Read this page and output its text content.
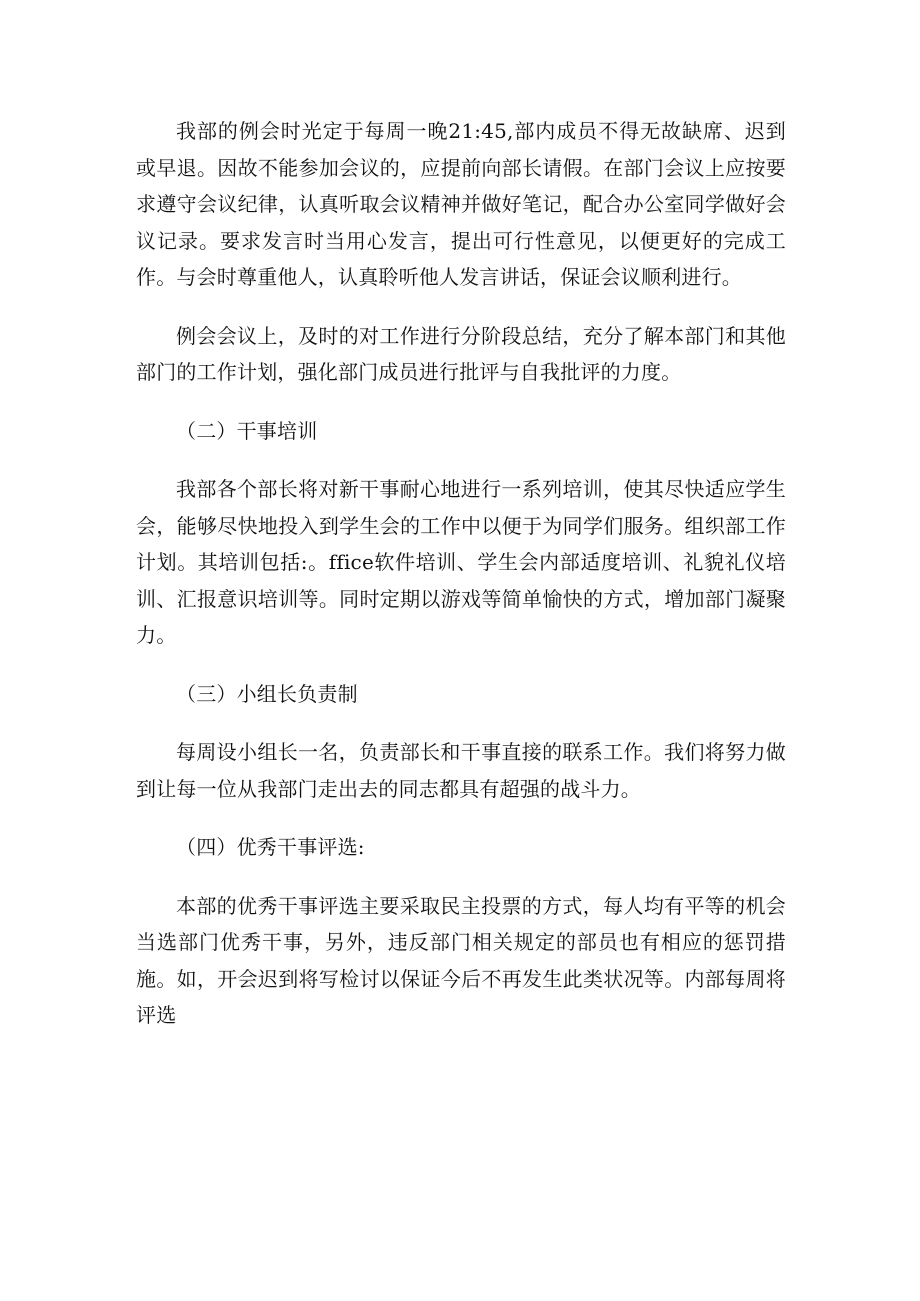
我部的例会时光定于每周一晚21:45,部内成员不得无故缺席、迟到或早退。因故不能参加会议的，应提前向部长请假。在部门会议上应按要求遵守会议纪律，认真听取会议精神并做好笔记，配合办公室同学做好会议记录。要求发言时当用心发言，提出可行性意见，以便更好的完成工作。与会时尊重他人，认真聆听他人发言讲话，保证会议顺利进行。

例会会议上，及时的对工作进行分阶段总结，充分了解本部门和其他部门的工作计划，强化部门成员进行批评与自我批评的力度。

（二）干事培训

我部各个部长将对新干事耐心地进行一系列培训，使其尽快适应学生会，能够尽快地投入到学生会的工作中以便于为同学们服务。组织部工作计划。其培训包括:。ffice软件培训、学生会内部适度培训、礼貌礼仪培训、汇报意识培训等。同时定期以游戏等简单愉快的方式，增加部门凝聚力。

（三）小组长负责制

每周设小组长一名，负责部长和干事直接的联系工作。我们将努力做到让每一位从我部门走出去的同志都具有超强的战斗力。

（四）优秀干事评选:

本部的优秀干事评选主要采取民主投票的方式，每人均有平等的机会当选部门优秀干事，另外，违反部门相关规定的部员也有相应的惩罚措施。如，开会迟到将写检讨以保证今后不再发生此类状况等。内部每周将评选
